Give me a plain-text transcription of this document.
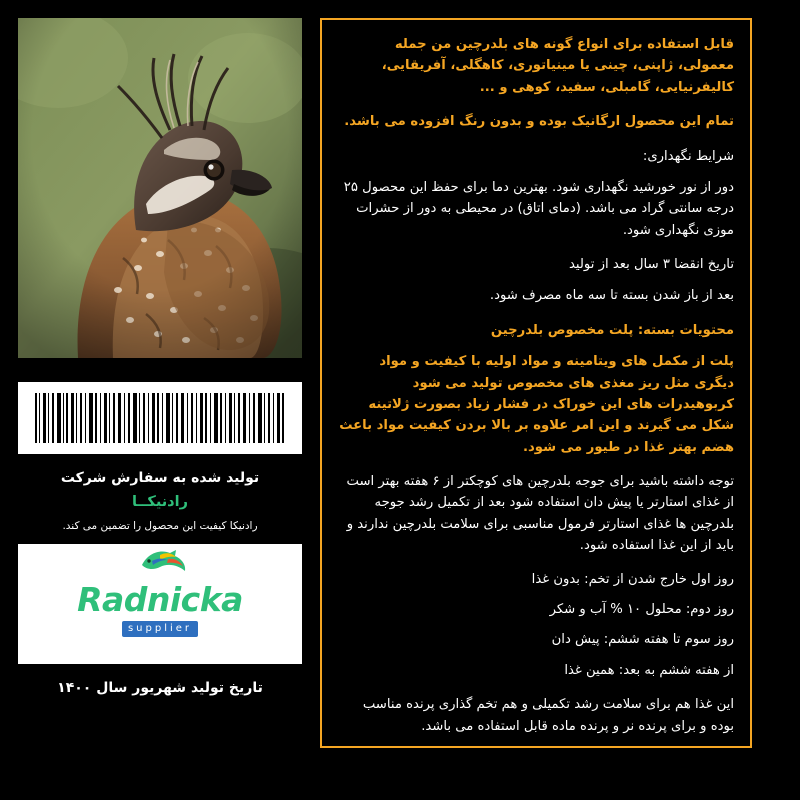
قابل استفاده برای انواع گونه های بلدرچین من جمله معمولی، ژاپنی، چینی یا مینیاتوری، کاهگلی، آفریقایی، کالیفرنیایی، گامبلی، سفید، کوهی و ...

تمام این محصول ارگانیک بوده و بدون رنگ افزوده می باشد.

شرایط نگهداری:

دور از نور خورشید نگهداری شود. بهترین دما برای حفظ این محصول ۲۵ درجه سانتی گراد می باشد. (دمای اتاق) در محیطی به دور از حشرات موزی نگهداری شود.

تاریخ انقضا ۳ سال بعد از تولید

بعد از باز شدن بسته تا سه ماه مصرف شود.

محتویات بسته: پلت مخصوص بلدرچین

پلت از مکمل های ویتامینه و مواد اولیه با کیفیت و مواد دیگری مثل ریز مغذی های مخصوص تولید می شود کربوهیدرات های این خوراک در فشار زیاد بصورت ژلاتینه شکل می گیرند و این امر علاوه بر بالا بردن کیفیت مواد باعث هضم بهتر غذا در طیور می شود.

توجه داشته باشید برای جوجه بلدرچین های کوچکتر از ۶ هفته بهتر است از غذای استارتر یا پیش دان استفاده شود بعد از تکمیل رشد جوجه بلدرچین ها غذای استارتر فرمول مناسبی برای سلامت بلدرچین ندارند و باید از این غذا استفاده شود.

روز اول خارج شدن از تخم: بدون غذا

روز دوم: محلول ۱۰ % آب و شکر

روز سوم تا هفته ششم: پیش دان

از هفته ششم به بعد: همین غذا

این غذا هم برای سلامت رشد تکمیلی و هم تخم گذاری پرنده مناسب بوده و برای پرنده نر و پرنده ماده قابل استفاده می باشد.

تولید شده به سفارش شرکت
رادنیکــا
رادنیکا کیفیت این محصول را تضمین می کند.
Radnicka
supplier
تاریخ تولید شهریور سال ۱۴۰۰
